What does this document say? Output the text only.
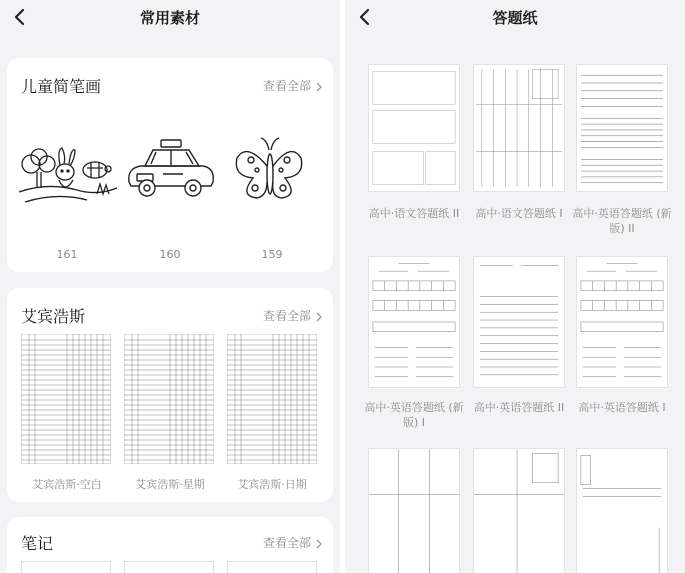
常用素材
儿童简笔画	查看全部
161	160	159
艾宾浩斯	查看全部
艾宾浩斯·空白	艾宾浩斯·星期	艾宾浩斯·日期
笔记	查看全部
答题纸
高中·语文答题纸 II	高中·语文答题纸 I 高中·英语答题纸 (新版) II
高中·英语答题纸 (新版) I
高中·英语答题纸 II	高中·英语答题纸 I
